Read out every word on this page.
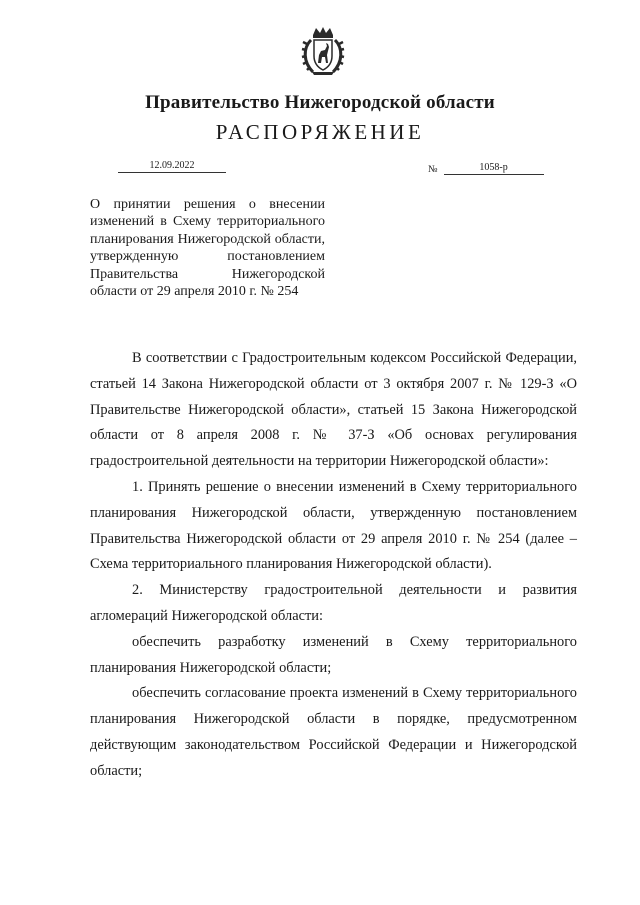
Правительство Нижегородской области
РАСПОРЯЖЕНИЕ
12.09.2022	№	1058-р
О принятии решения о внесении изменений в Схему территориального планирования Нижегородской области, утвержденную постановлением Правительства Нижегородской области от 29 апреля 2010 г. № 254

В соответствии с Градостроительным кодексом Российской Федерации, статьей 14 Закона Нижегородской области от 3 октября 2007 г. № 129-З «О Правительстве Нижегородской области», статьей 15 Закона Нижегородской области от 8 апреля 2008 г. № 37-З «Об основах регулирования градостроительной деятельности на территории Нижегородской области»:

1. Принять решение о внесении изменений в Схему территориального планирования Нижегородской области, утвержденную постановлением Правительства Нижегородской области от 29 апреля 2010 г. № 254 (далее – Схема территориального планирования Нижегородской области).

2. Министерству градостроительной деятельности и развития агломераций Нижегородской области:

обеспечить разработку изменений в Схему территориального планирования Нижегородской области;

обеспечить согласование проекта изменений в Схему территориального планирования Нижегородской области в порядке, предусмотренном действующим законодательством Российской Федерации и Нижегородской области;
